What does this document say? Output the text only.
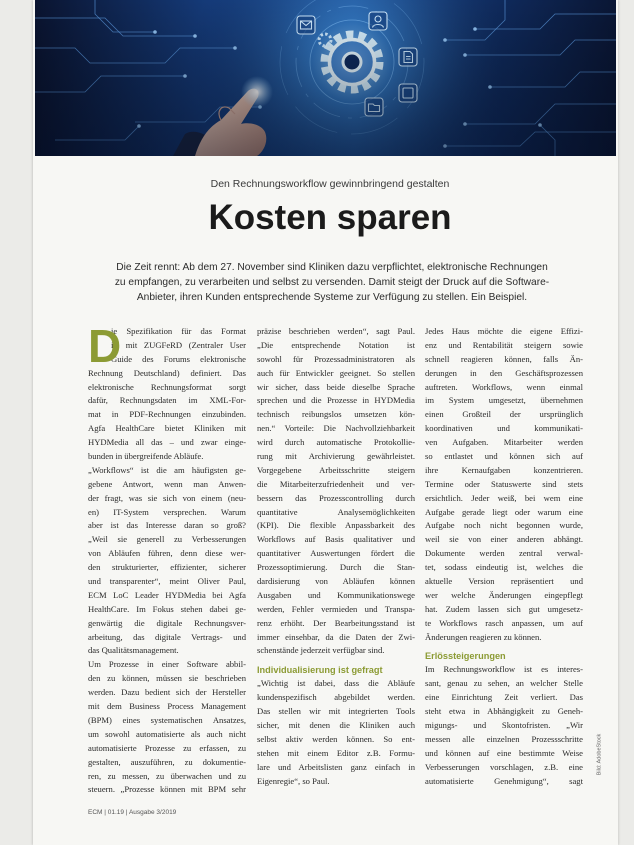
Den Rechnungsworkflow gewinnbringend gestalten
Kosten sparen
Die Zeit rennt: Ab dem 27. November sind Kliniken dazu verpflichtet, elektronische Rechnungen
zu empfangen, zu verarbeiten und selbst zu versenden. Damit steigt der Druck auf die Software-
Anbieter, ihren Kunden entsprechende Systeme zur Verfügung zu stellen. Ein Beispiel.
D
ie Spezifikation für das Format
ist mit ZUGFeRD (Zentraler User
Guide des Forums elektronische
Rechnung Deutschland) definiert. Das
elektronische Rechnungsformat sorgt
dafür, Rechnungsdaten im XML-For-
mat in PDF-Rechnungen einzubinden.
Agfa HealthCare bietet Kliniken mit
HYDMedia all das – und zwar einge-
bunden in übergreifende Abläufe.
„Workflows“ ist die am häufigsten ge-
gebene Antwort, wenn man Anwen-
der fragt, was sie sich von einem (neu-
en) IT-System versprechen. Warum
aber ist das Interesse daran so groß?
„Weil sie generell zu Verbesserungen
von Abläufen führen, denn diese wer-
den strukturierter, effizienter, sicherer
und transparenter“, meint Oliver Paul,
ECM LoC Leader HYDMedia bei Agfa
HealthCare. Im Fokus stehen dabei ge-
genwärtig die digitale Rechnungsver-
arbeitung, das digitale Vertrags- und
das Qualitätsmanagement.
Um Prozesse in einer Software abbil-
den zu können, müssen sie beschrieben
werden. Dazu bedient sich der Hersteller
mit dem Business Process Management
(BPM) eines systematischen Ansatzes,
um sowohl automatisierte als auch nicht
automatisierte Prozesse zu erfassen, zu
gestalten, auszuführen, zu dokumentie-
ren, zu messen, zu überwachen und zu
steuern. „Prozesse können mit BPM sehr
präzise beschrieben werden“, sagt Paul.
„Die entsprechende Notation ist
sowohl für Prozessadministratoren als
auch für Entwickler geeignet. So stellen
wir sicher, dass beide dieselbe Sprache
sprechen und die Prozesse in HYDMedia
technisch reibungslos umsetzen kön-
nen.“ Vorteile: Die Nachvollziehbarkeit
wird durch automatische Protokollie-
rung mit Archivierung gewährleistet.
Vorgegebene Arbeitsschritte steigern
die Mitarbeiterzufriedenheit und ver-
bessern das Prozesscontrolling durch
quantitative Analysemöglichkeiten
(KPI). Die flexible Anpassbarkeit des
Workflows auf Basis qualitativer und
quantitativer Auswertungen fördert die
Prozessoptimierung. Durch die Stan-
dardisierung von Abläufen können
Ausgaben und Kommunikationswege
werden, Fehler vermieden und Transpa-
renz erhöht. Der Bearbeitungsstand ist
immer einsehbar, da die Daten der Zwi-
schenstände jederzeit verfügbar sind.
Individualisierung ist gefragt
„Wichtig ist dabei, dass die Abläufe
kundenspezifisch abgebildet werden.
Das stellen wir mit integrierten Tools
sicher, mit denen die Kliniken auch
selbst aktiv werden können. So ent-
stehen mit einem Editor z.B. Formu-
lare und Arbeitslisten ganz einfach in
Eigenregie“, so Paul.
Jedes Haus möchte die eigene Effizi-
enz und Rentabilität steigern sowie
schnell reagieren können, falls Än-
derungen in den Geschäftsprozessen
auftreten. Workflows, wenn einmal
im System umgesetzt, übernehmen
einen Großteil der ursprünglich
koordinativen und kommunikati-
ven Aufgaben. Mitarbeiter werden
so entlastet und können sich auf
ihre Kernaufgaben konzentrieren.
Termine oder Statuswerte sind stets
ersichtlich. Jeder weiß, bei wem eine
Aufgabe gerade liegt oder warum eine
Aufgabe noch nicht begonnen wurde,
weil sie von einer anderen abhängt.
Dokumente werden zentral verwal-
tet, sodass eindeutig ist, welches die
aktuelle Version repräsentiert und
wer welche Änderungen eingepflegt
hat. Zudem lassen sich gut umgesetz-
te Workflows rasch anpassen, um auf
Änderungen reagieren zu können.
Erlössteigerungen
Im Rechnungsworkflow ist es interes-
sant, genau zu sehen, an welcher Stelle
eine Einrichtung Zeit verliert. Das
steht etwa in Abhängigkeit zu Geneh-
migungs- und Skontofristen. „Wir
messen alle einzelnen Prozessschritte
und können auf eine bestimmte Weise
Verbesserungen vorschlagen, z.B. eine
automatisierte Genehmigung“, sagt
ECM | 01.19 | Ausgabe 3/2019
Bild: AdobeStock
